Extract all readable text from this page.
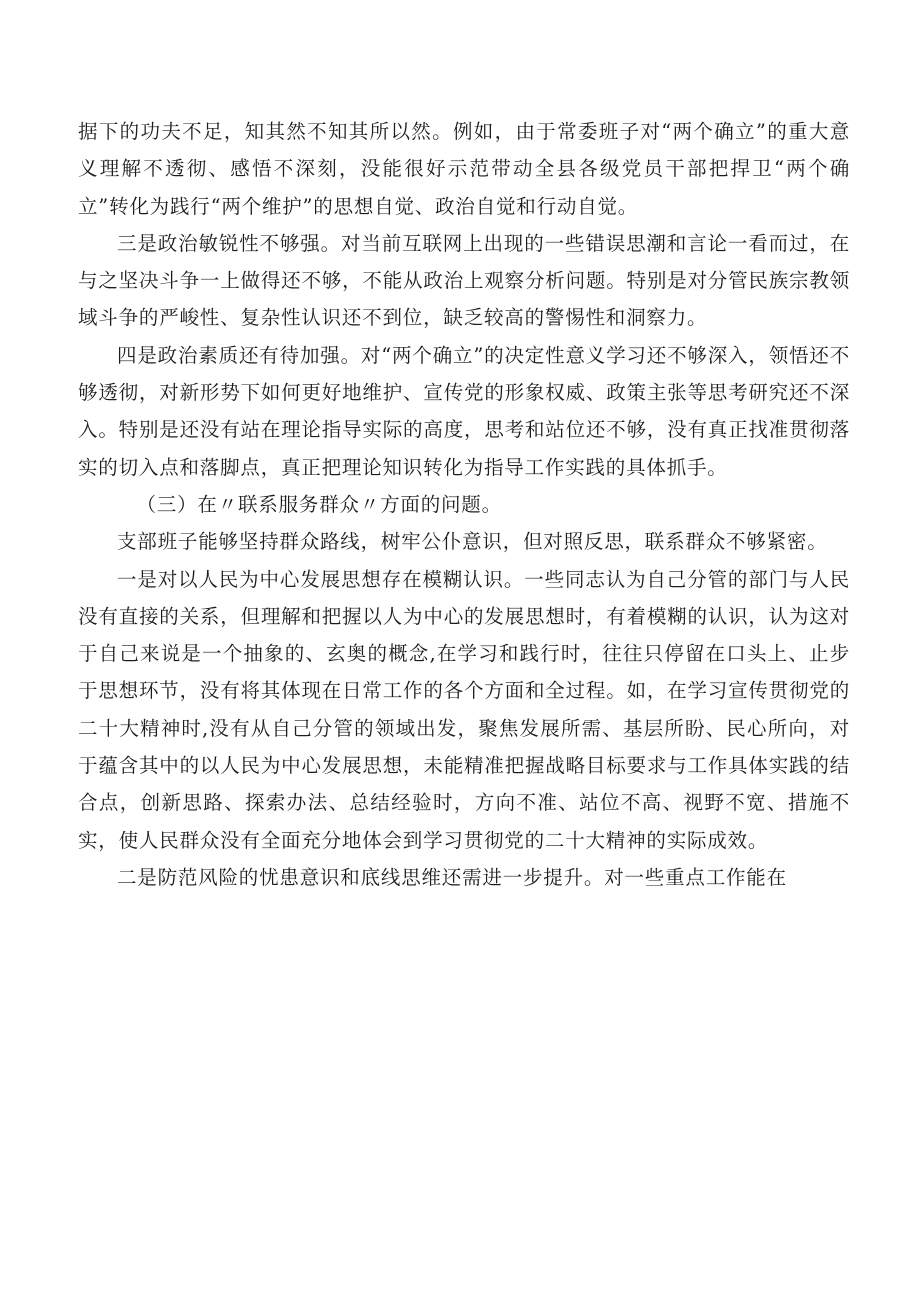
据下的功夫不足，知其然不知其所以然。例如，由于常委班子对“两个确立”的重大意义理解不透彻、感悟不深刻，没能很好示范带动全县各级党员干部把捍卫“两个确立”转化为践行“两个维护”的思想自觉、政治自觉和行动自觉。

三是政治敏锐性不够强。对当前互联网上出现的一些错误思潮和言论一看而过，在与之坚决斗争一上做得还不够，不能从政治上观察分析问题。特别是对分管民族宗教领域斗争的严峻性、复杂性认识还不到位，缺乏较高的警惕性和洞察力。

四是政治素质还有待加强。对“两个确立”的决定性意义学习还不够深入，领悟还不够透彻，对新形势下如何更好地维护、宣传党的形象权威、政策主张等思考研究还不深入。特别是还没有站在理论指导实际的高度，思考和站位还不够，没有真正找准贯彻落实的切入点和落脚点，真正把理论知识转化为指导工作实践的具体抓手。

（三）在〃联系服务群众〃方面的问题。

支部班子能够坚持群众路线，树牢公仆意识，但对照反思，联系群众不够紧密。

一是对以人民为中心发展思想存在模糊认识。一些同志认为自己分管的部门与人民没有直接的关系，但理解和把握以人为中心的发展思想时，有着模糊的认识，认为这对于自己来说是一个抽象的、玄奥的概念,在学习和践行时，往往只停留在口头上、止步于思想环节，没有将其体现在日常工作的各个方面和全过程。如，在学习宣传贯彻党的二十大精神时,没有从自己分管的领域出发，聚焦发展所需、基层所盼、民心所向，对于蕴含其中的以人民为中心发展思想，未能精准把握战略目标要求与工作具体实践的结合点，创新思路、探索办法、总结经验时，方向不准、站位不高、视野不宽、措施不实，使人民群众没有全面充分地体会到学习贯彻党的二十大精神的实际成效。

二是防范风险的忧患意识和底线思维还需进一步提升。对一些重点工作能在
